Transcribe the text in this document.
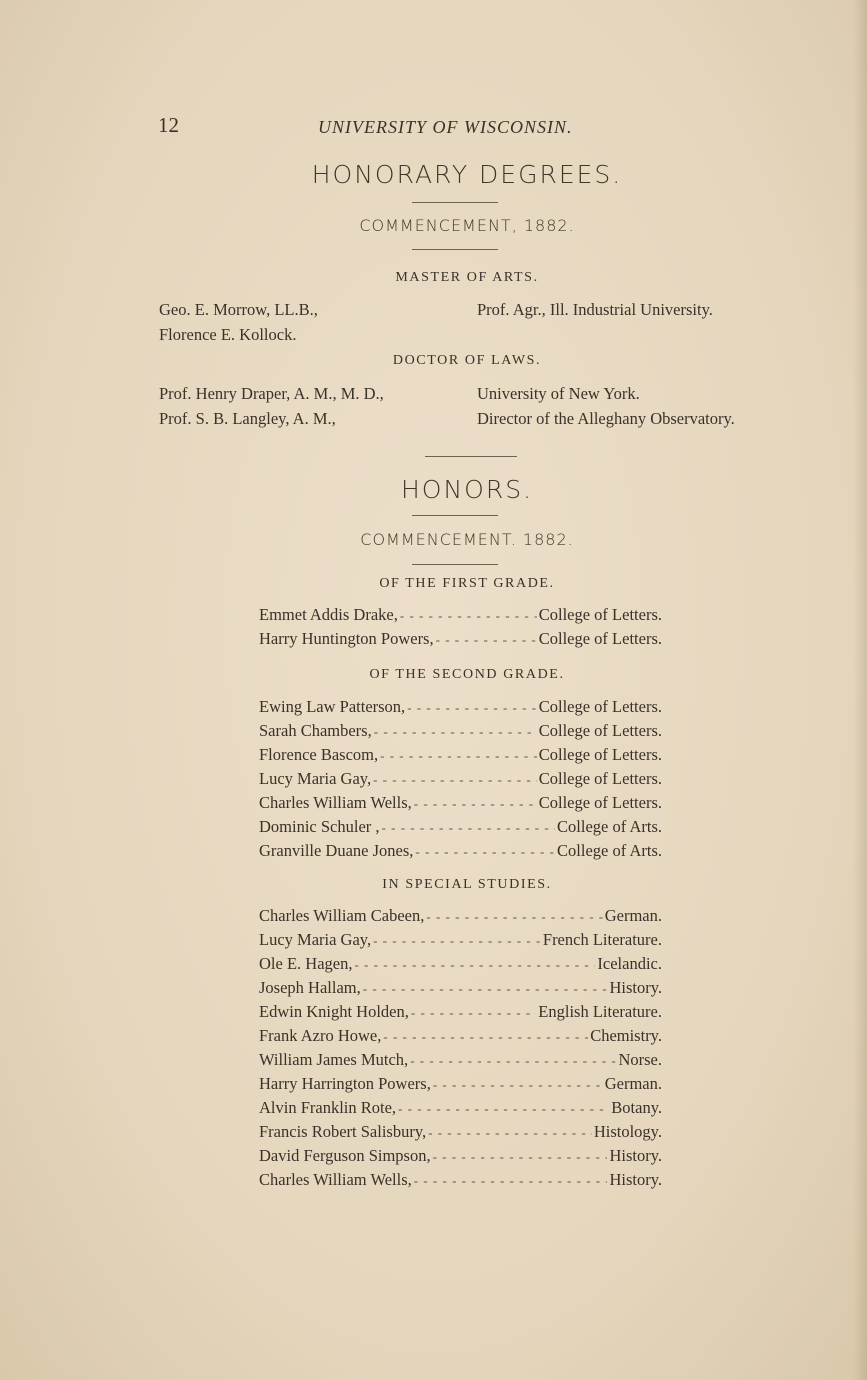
12	UNIVERSITY OF WISCONSIN.
HONORARY DEGREES.
COMMENCEMENT, 1882.
MASTER OF ARTS.
Geo. E. Morrow, LL.B.,	Prof. Agr., Ill. Industrial University.
Florence E. Kollock.
DOCTOR OF LAWS.
Prof. Henry Draper, A. M., M. D.,	University of New York.
Prof. S. B. Langley, A. M.,	Director of the Alleghany Observatory.
HONORS.
COMMENCEMENT. 1882.
OF THE FIRST GRADE.
Emmet Addis Drake, - - -	College of Letters.
Harry Huntington Powers, - - -	College of Letters.
OF THE SECOND GRADE.
Ewing Law Patterson, - - -	College of Letters.
Sarah Chambers, - - -	College of Letters.
Florence Bascom, - - -	College of Letters.
Lucy Maria Gay, - - -	College of Letters.
Charles William Wells, - - -	College of Letters.
Dominic Schuler , - - -	College of Arts.
Granville Duane Jones, - - -	College of Arts.
IN SPECIAL STUDIES.
Charles William Cabeen, - - -	German.
Lucy Maria Gay, - - -	French Literature.
Ole E. Hagen, - - -	Icelandic.
Joseph Hallam, - - -	History.
Edwin Knight Holden, - - -	English Literature.
Frank Azro Howe, - - -	Chemistry.
William James Mutch, - - -	Norse.
Harry Harrington Powers, - - -	German.
Alvin Franklin Rote, - - -	Botany.
Francis Robert Salisbury, - - -	Histology.
David Ferguson Simpson, - - -	History.
Charles William Wells, - - -	History.
